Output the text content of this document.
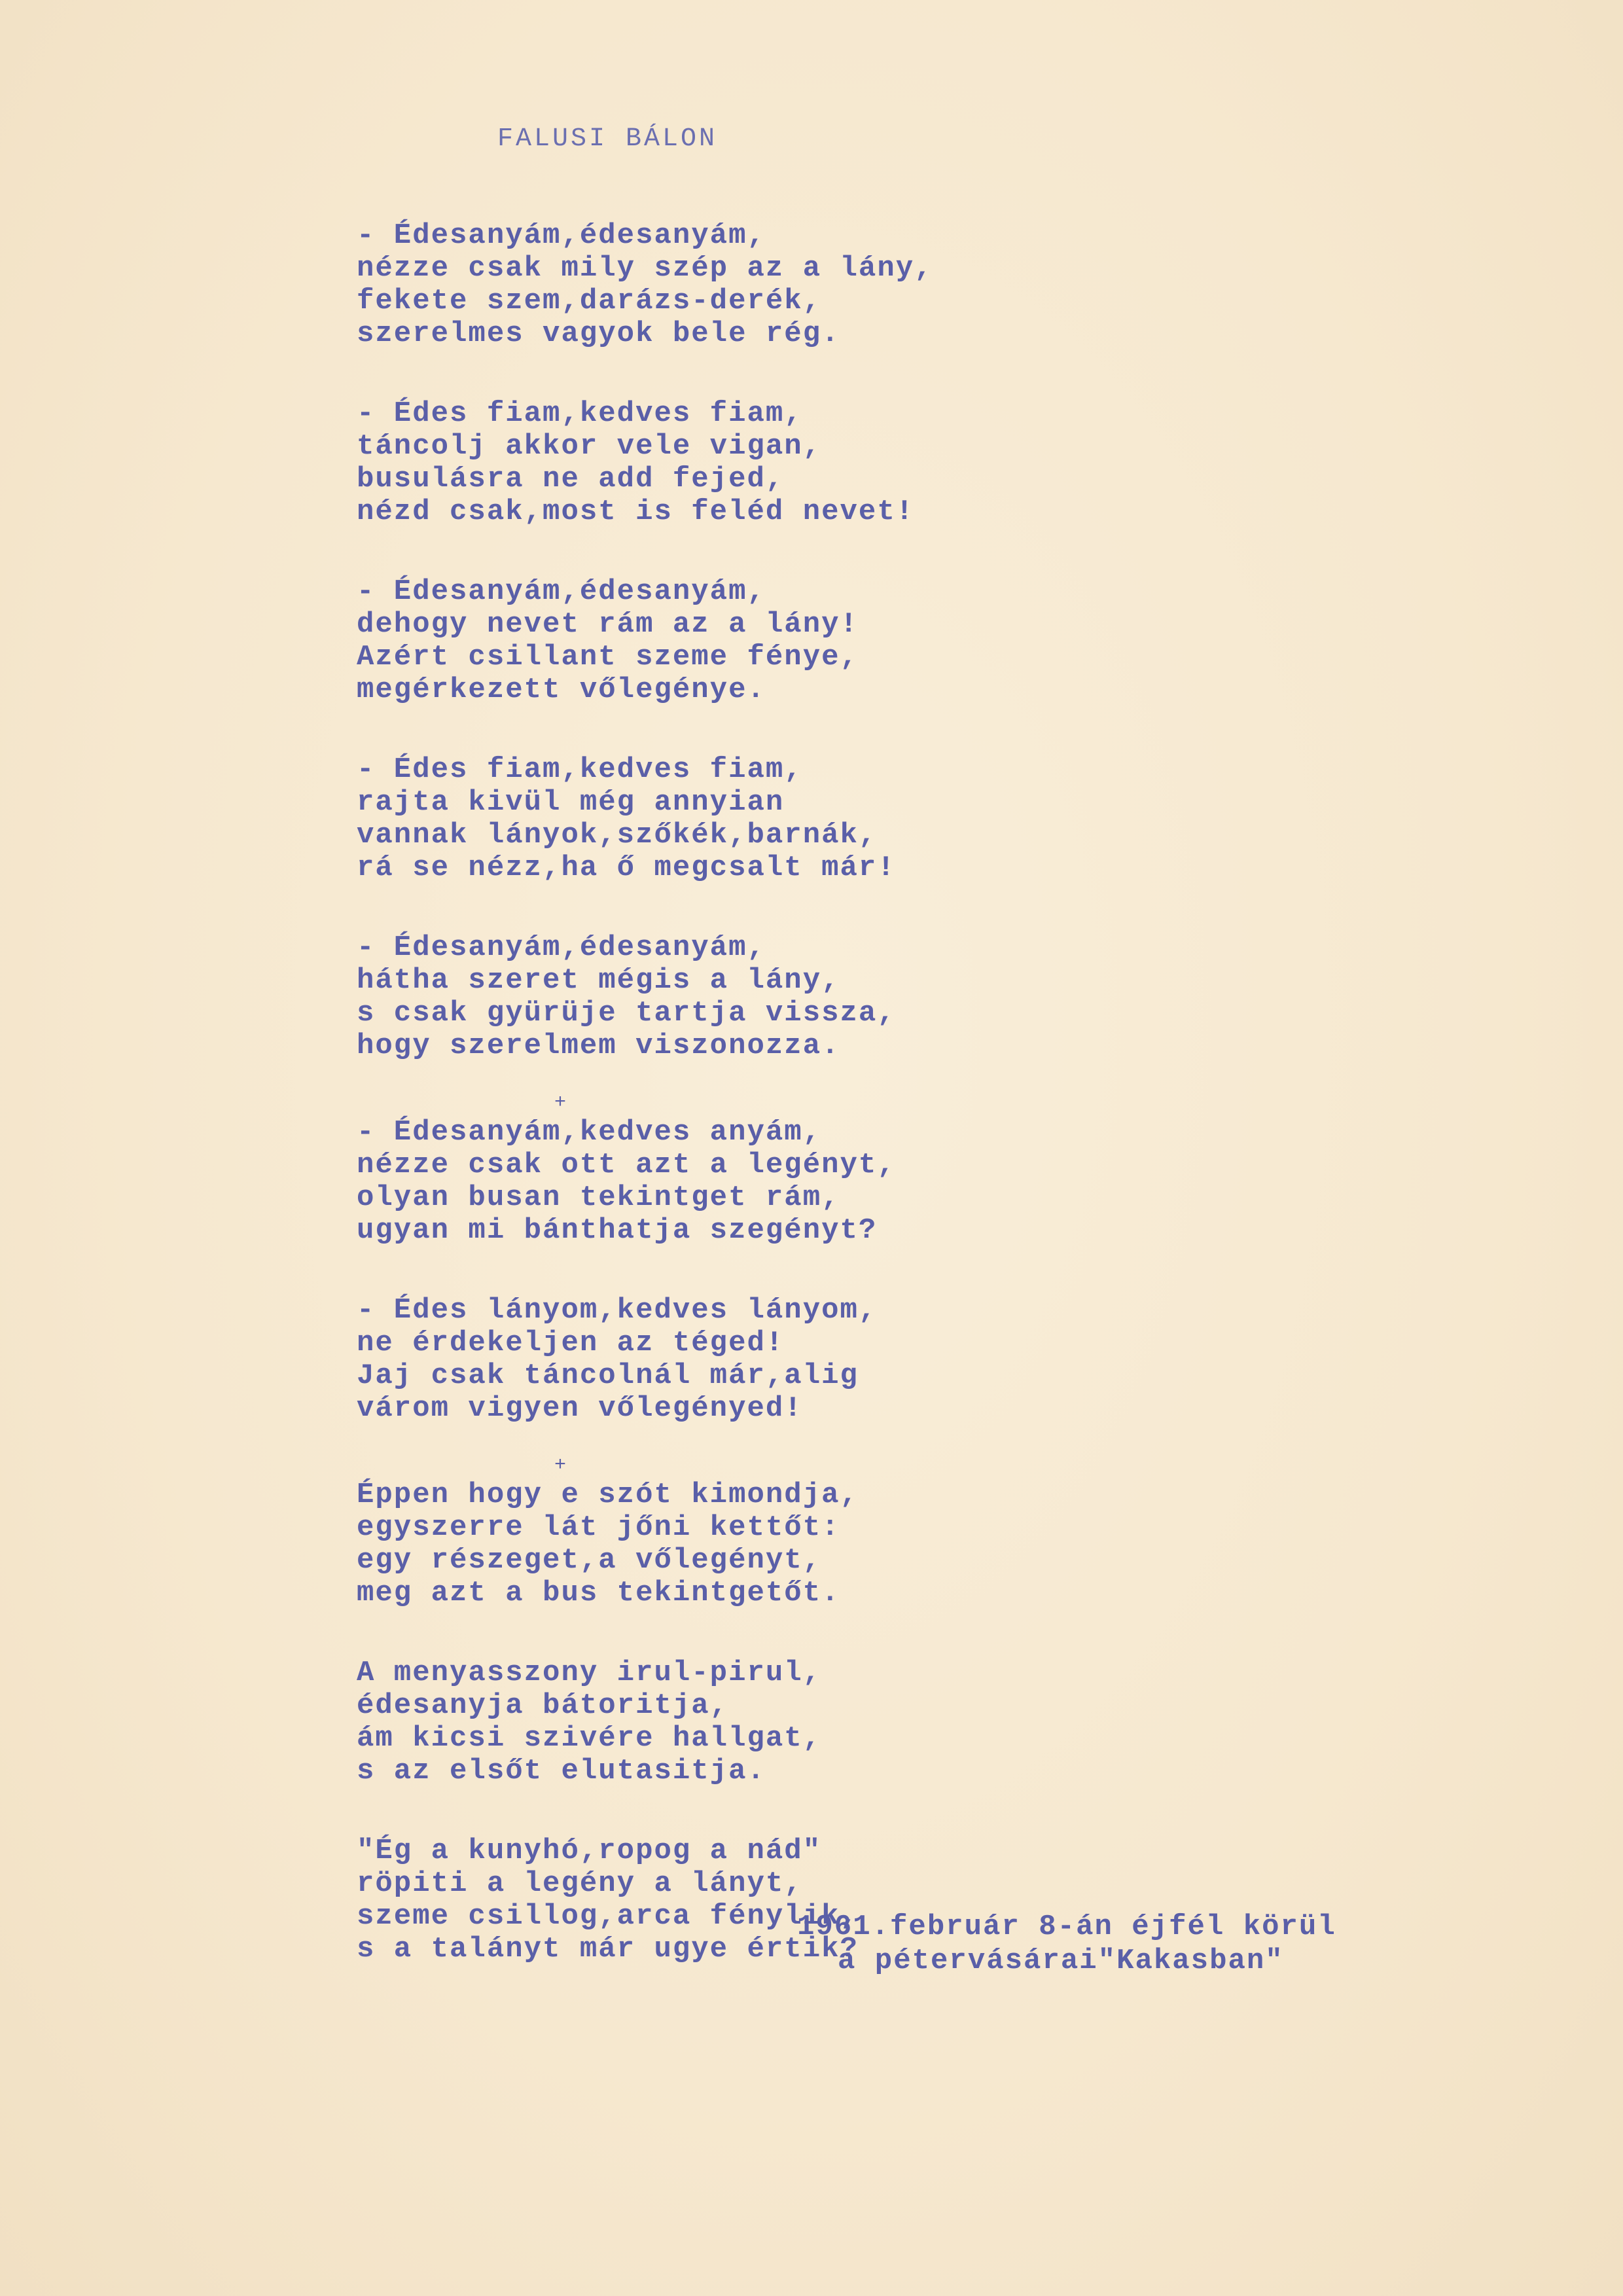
FALUSI BÁLON
- Édesanyám,édesanyám,
nézze csak mily szép az a lány,
fekete szem,darázs-derék,
szerelmes vagyok bele rég.
- Édes fiam,kedves fiam,
táncolj akkor vele vigan,
busulásra ne add fejed,
nézd csak,most is feléd nevet!
- Édesanyám,édesanyám,
dehogy nevet rám az a lány!
Azért csillant szeme fénye,
megérkezett vőlegénye.
- Édes fiam,kedves fiam,
rajta kivül még annyian
vannak lányok,szőkék,barnák,
rá se nézz,ha ő megcsalt már!
- Édesanyám,édesanyám,
hátha szeret mégis a lány,
s csak gyürüje tartja vissza,
hogy szerelmem viszonozza.
+
- Édesanyám,kedves anyám,
nézze csak ott azt a legényt,
olyan busan tekintget rám,
ugyan mi bánthatja szegényt?
- Édes lányom,kedves lányom,
ne érdekeljen az téged!
Jaj csak táncolnál már,alig
várom vigyen vőlegényed!
+
Éppen hogy e szót kimondja,
egyszerre lát jőni kettőt:
egy részeget,a vőlegényt,
meg azt a bus tekintgetőt.
A menyasszony irul-pirul,
édesanyja bátoritja,
ám kicsi szivére hallgat,
s az elsőt elutasitja.
"Ég a kunyhó,ropog a nád"
röpiti a legény a lányt,
szeme csillog,arca fénylik,
s a talányt már ugye értik?
1961.február 8-án éjfél körül
a pétervásárai"Kakasban"
